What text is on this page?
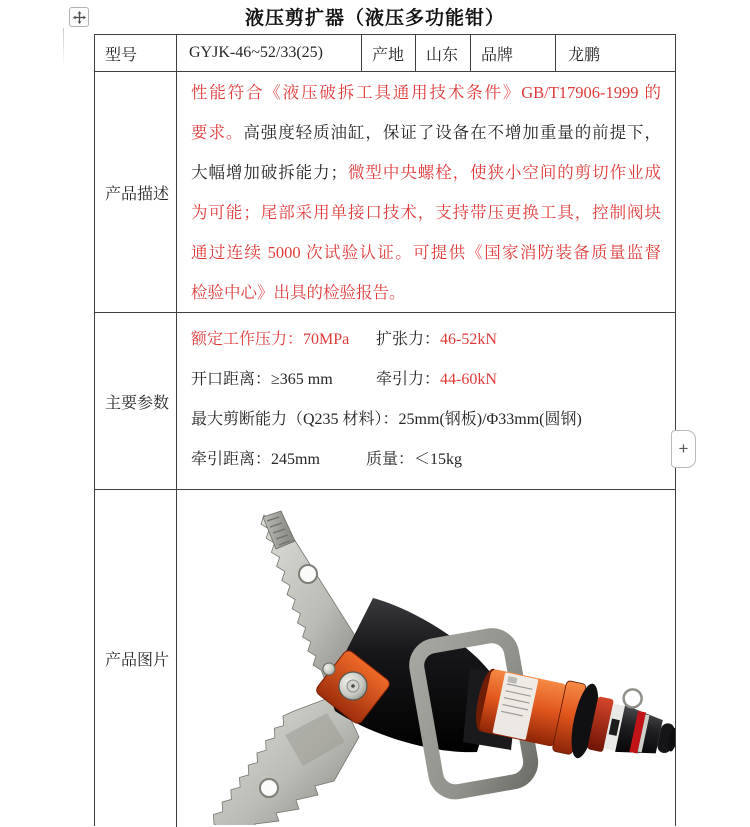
液压剪扩器（液压多功能钳）
+
型号	GYJK-46~52/33(25)	产地	山东	品牌	龙鹏
产品描述
性能符合《液压破拆工具通用技术条件》GB/T17906-1999 的
要求。高强度轻质油缸，保证了设备在不增加重量的前提下，
大幅增加破拆能力；微型中央螺栓，使狭小空间的剪切作业成
为可能；尾部采用单接口技术，支持带压更换工具，控制阀块
通过连续 5000 次试验认证。可提供《国家消防装备质量监督
检验中心》出具的检验报告。
主要参数
额定工作压力：70MPa 扩张力：46-52kN
开口距离：≥365 mm	牵引力：44-60kN
最大剪断能力（Q235 材料）：25mm(钢板)/Φ33mm(圆钢)
牵引距离：245mm	质量：＜15kg
产品图片
